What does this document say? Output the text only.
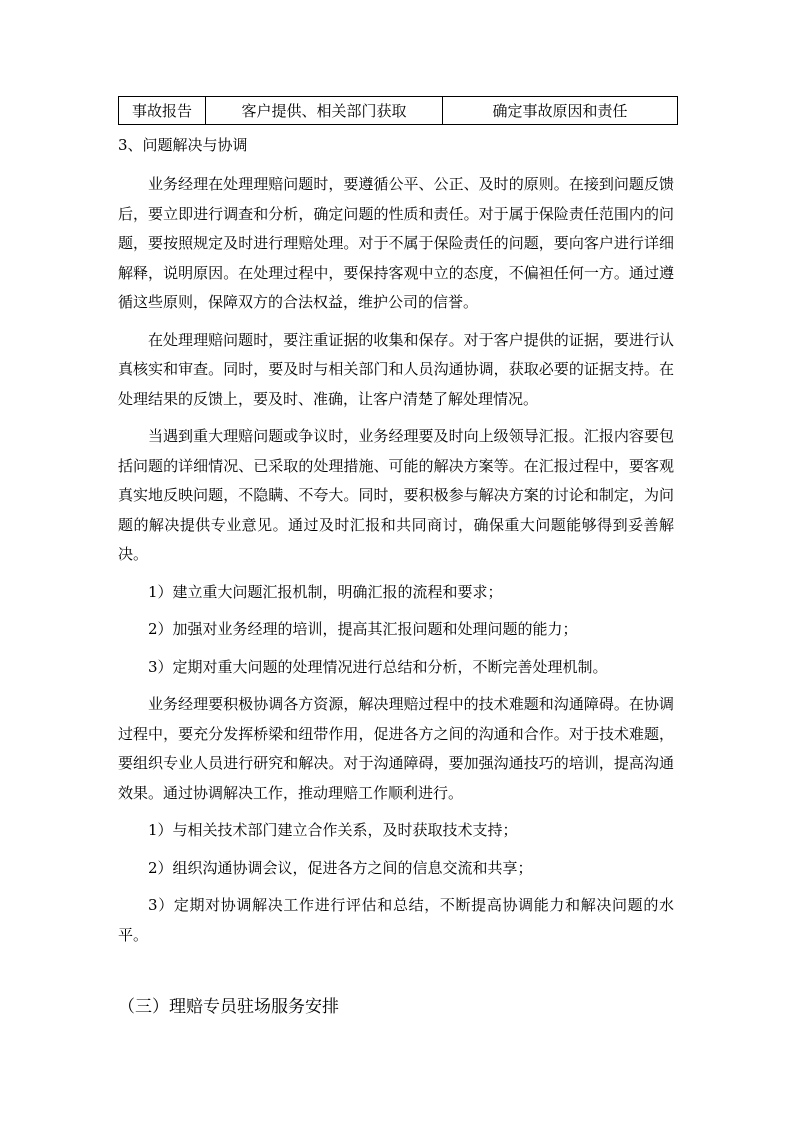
事故报告	客户提供、相关部门获取	确定事故原因和责任
3、问题解决与协调

业务经理在处理理赔问题时，要遵循公平、公正、及时的原则。在接到问题反馈后，要立即进行调查和分析，确定问题的性质和责任。对于属于保险责任范围内的问题，要按照规定及时进行理赔处理。对于不属于保险责任的问题，要向客户进行详细解释，说明原因。在处理过程中，要保持客观中立的态度，不偏袒任何一方。通过遵循这些原则，保障双方的合法权益，维护公司的信誉。

在处理理赔问题时，要注重证据的收集和保存。对于客户提供的证据，要进行认真核实和审查。同时，要及时与相关部门和人员沟通协调，获取必要的证据支持。在处理结果的反馈上，要及时、准确，让客户清楚了解处理情况。

当遇到重大理赔问题或争议时，业务经理要及时向上级领导汇报。汇报内容要包括问题的详细情况、已采取的处理措施、可能的解决方案等。在汇报过程中，要客观真实地反映问题，不隐瞒、不夸大。同时，要积极参与解决方案的讨论和制定，为问题的解决提供专业意见。通过及时汇报和共同商讨，确保重大问题能够得到妥善解决。

1）建立重大问题汇报机制，明确汇报的流程和要求；

2）加强对业务经理的培训，提高其汇报问题和处理问题的能力；

3）定期对重大问题的处理情况进行总结和分析，不断完善处理机制。

业务经理要积极协调各方资源，解决理赔过程中的技术难题和沟通障碍。在协调过程中，要充分发挥桥梁和纽带作用，促进各方之间的沟通和合作。对于技术难题，要组织专业人员进行研究和解决。对于沟通障碍，要加强沟通技巧的培训，提高沟通效果。通过协调解决工作，推动理赔工作顺利进行。

1）与相关技术部门建立合作关系，及时获取技术支持；

2）组织沟通协调会议，促进各方之间的信息交流和共享；

3）定期对协调解决工作进行评估和总结，不断提高协调能力和解决问题的水平。

（三）理赔专员驻场服务安排
